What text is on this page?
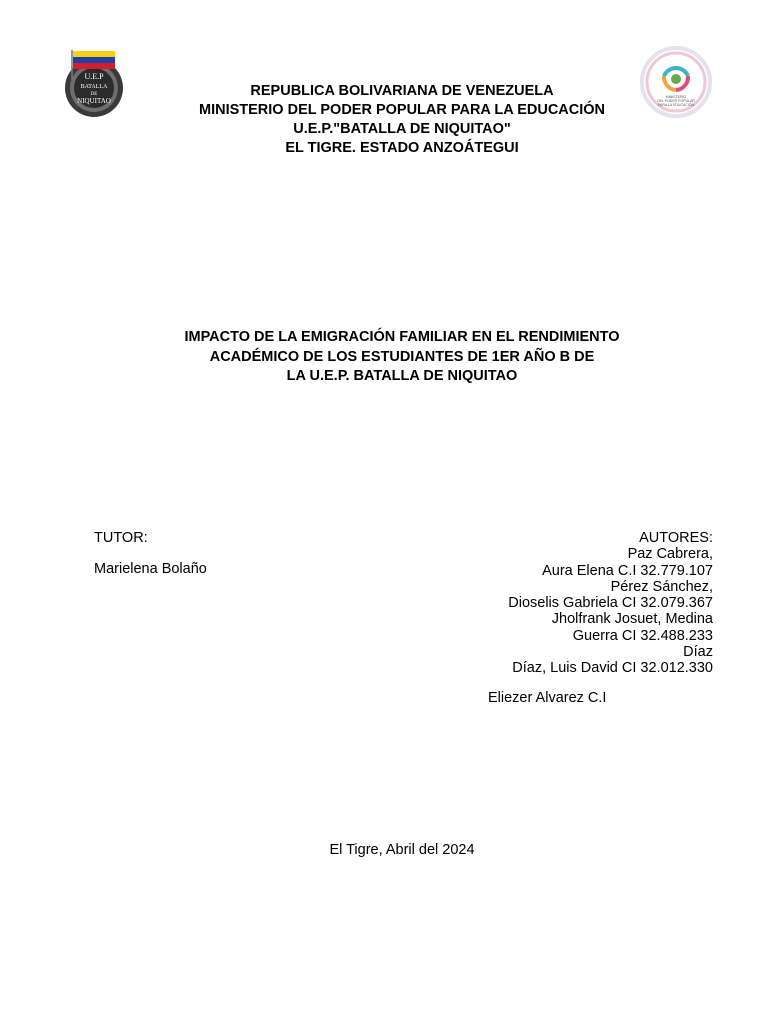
U.E.P
BATALLA
DE
NIQUITAO	MINISTERIO
DEL PODER POPULAR
PARA LA EDUCACIÓN
REPUBLICA BOLIVARIANA DE VENEZUELA
MINISTERIO DEL PODER POPULAR PARA LA EDUCACIÓN
U.E.P."BATALLA DE NIQUITAO"
EL TIGRE. ESTADO ANZOÁTEGUI
IMPACTO DE LA EMIGRACIÓN FAMILIAR EN EL RENDIMIENTO
ACADÉMICO DE LOS ESTUDIANTES DE 1ER AÑO B DE
LA U.E.P. BATALLA DE NIQUITAO
TUTOR:
Marielena Bolaño
AUTORES:
Paz Cabrera,
Aura Elena C.I 32.779.107
Pérez Sánchez,
Dioselis Gabriela CI 32.079.367
Jholfrank Josuet, Medina
Guerra CI 32.488.233
Díaz
Díaz, Luis David CI 32.012.330
Eliezer Alvarez C.I
El Tigre, Abril del 2024
